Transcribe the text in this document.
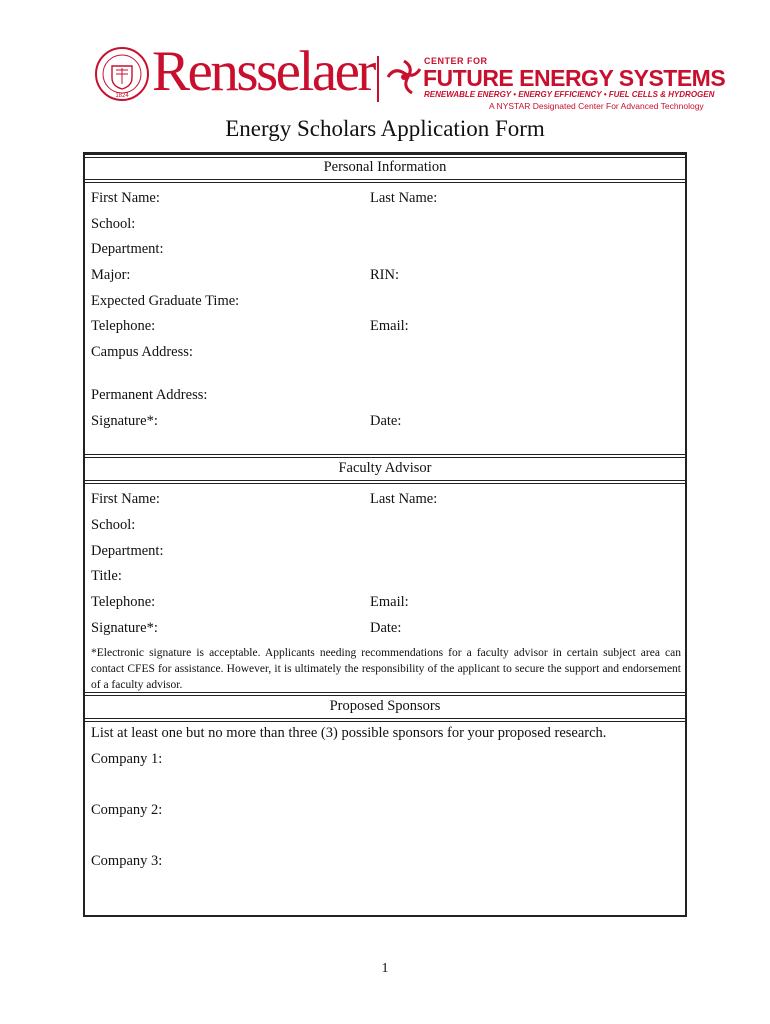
1824 Rensselaer	CENTER FOR
FUTURE ENERGY SYSTEMS
RENEWABLE ENERGY • ENERGY EFFICIENCY • FUEL CELLS & HYDROGEN
A NYSTAR Designated Center For Advanced Technology
Energy Scholars Application Form
Personal Information
First Name:	Last Name:
School:
Department:
Major:	RIN:
Expected Graduate Time:
Telephone:	Email:
Campus Address:
Permanent Address:
Signature*:	Date:
Faculty Advisor
First Name:	Last Name:
School:
Department:
Title:
Telephone:	Email:
Signature*:	Date:
*Electronic signature is acceptable. Applicants needing recommendations for a faculty advisor in certain subject area can contact CFES for assistance. However, it is ultimately the responsibility of the applicant to secure the support and endorsement of a faculty advisor.
Proposed Sponsors
List at least one but no more than three (3) possible sponsors for your proposed research.
Company 1:
Company 2:
Company 3:
1
